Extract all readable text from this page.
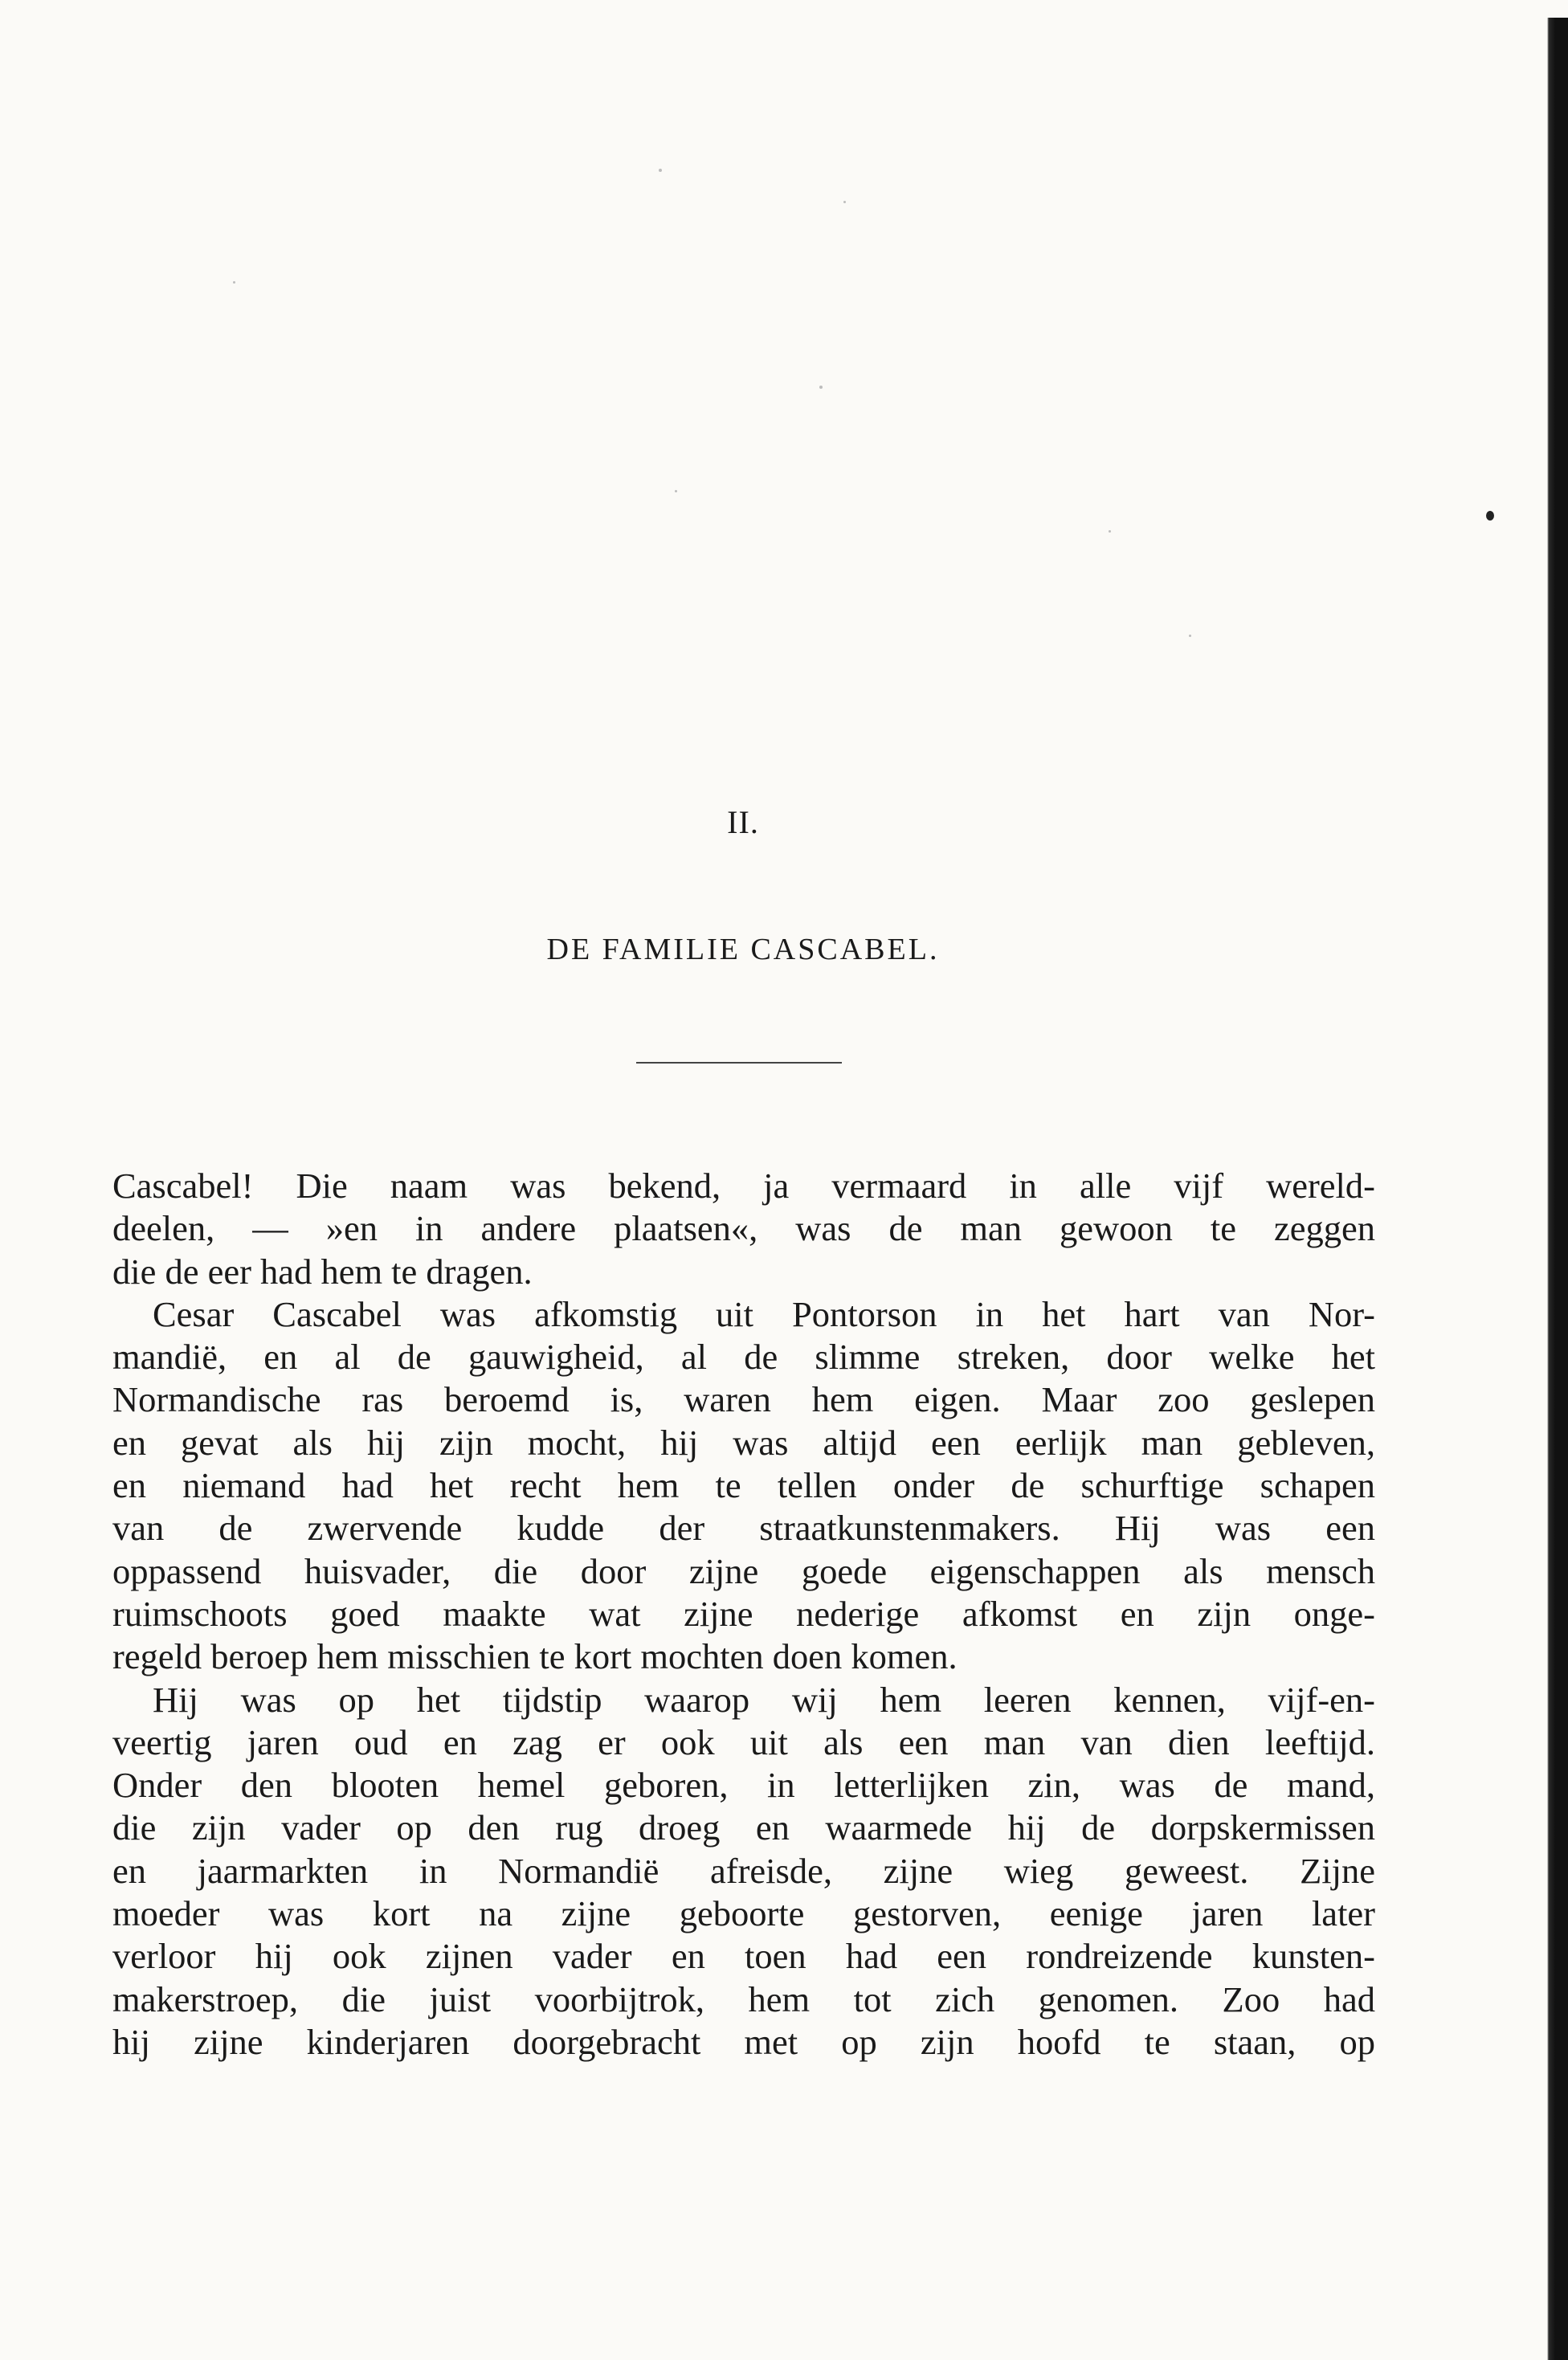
II.
DE FAMILIE CASCABEL.
Cascabel! Die naam was bekend, ja vermaard in alle vijf wereld-
deelen, — »en in andere plaatsen«, was de man gewoon te zeggen
die de eer had hem te dragen.
Cesar Cascabel was afkomstig uit Pontorson in het hart van Nor-
mandië, en al de gauwigheid, al de slimme streken, door welke het
Normandische ras beroemd is, waren hem eigen. Maar zoo geslepen
en gevat als hij zijn mocht, hij was altijd een eerlijk man gebleven,
en niemand had het recht hem te tellen onder de schurftige schapen
van de zwervende kudde der straatkunstenmakers. Hij was een
oppassend huisvader, die door zijne goede eigenschappen als mensch
ruimschoots goed maakte wat zijne nederige afkomst en zijn onge-
regeld beroep hem misschien te kort mochten doen komen.
Hij was op het tijdstip waarop wij hem leeren kennen, vijf-en-
veertig jaren oud en zag er ook uit als een man van dien leeftijd.
Onder den blooten hemel geboren, in letterlijken zin, was de mand,
die zijn vader op den rug droeg en waarmede hij de dorpskermissen
en jaarmarkten in Normandië afreisde, zijne wieg geweest. Zijne
moeder was kort na zijne geboorte gestorven, eenige jaren later
verloor hij ook zijnen vader en toen had een rondreizende kunsten-
makerstroep, die juist voorbijtrok, hem tot zich genomen. Zoo had
hij zijne kinderjaren doorgebracht met op zijn hoofd te staan, op
